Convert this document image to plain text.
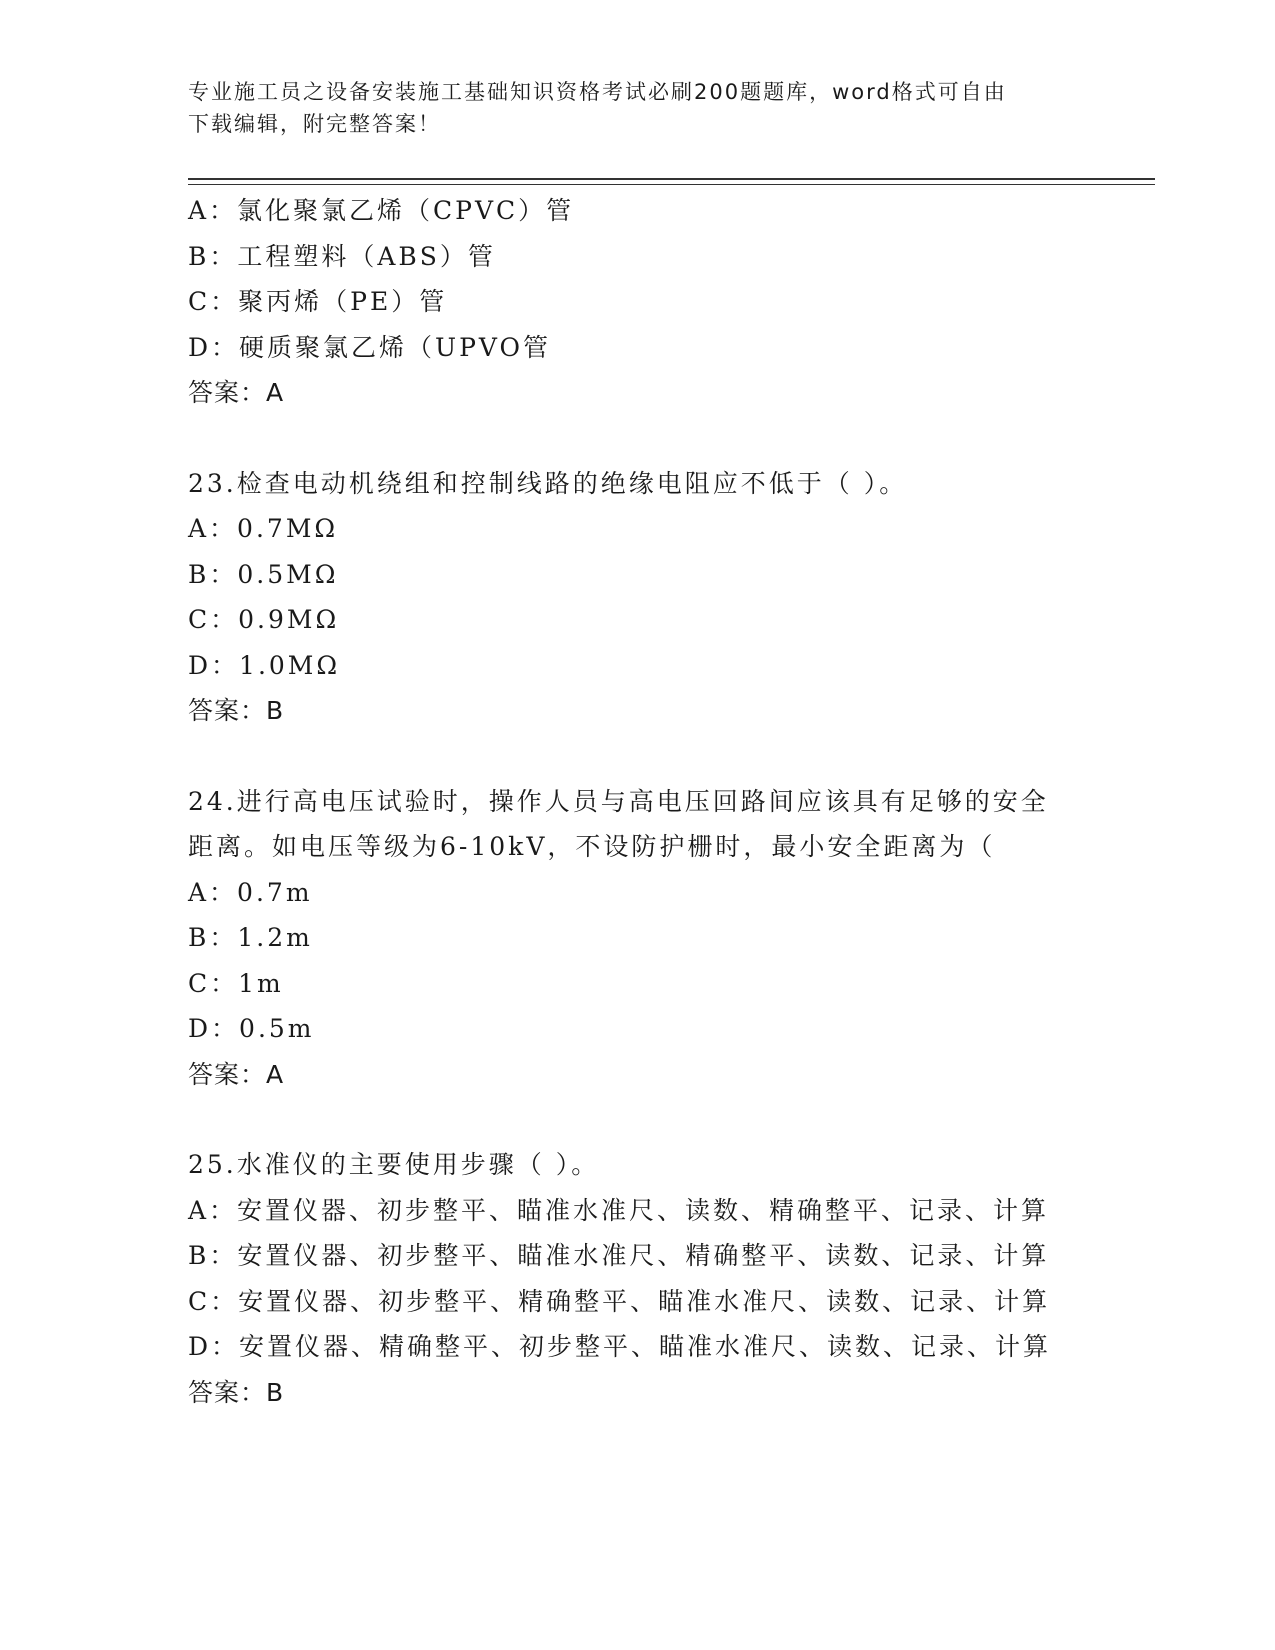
专业施工员之设备安装施工基础知识资格考试必刷200题题库，word格式可自由
下载编辑，附完整答案！
A：氯化聚氯乙烯（CPVC）管
B：工程塑料（ABS）管
C：聚丙烯（PE）管
D：硬质聚氯乙烯（UPVO管
答案：A
23.检查电动机绕组和控制线路的绝缘电阻应不低于（ ）。
A：0.7MΩ
B：0.5MΩ
C：0.9MΩ
D：1.0MΩ
答案：B
24.进行高电压试验时，操作人员与高电压回路间应该具有足够的安全
距离。如电压等级为6-10kV，不设防护栅时，最小安全距离为（
A：0.7m
B：1.2m
C：1m
D：0.5m
答案：A
25.水准仪的主要使用步骤（ ）。
A：安置仪器、初步整平、瞄准水准尺、读数、精确整平、记录、计算
B：安置仪器、初步整平、瞄准水准尺、精确整平、读数、记录、计算
C：安置仪器、初步整平、精确整平、瞄准水准尺、读数、记录、计算
D：安置仪器、精确整平、初步整平、瞄准水准尺、读数、记录、计算
答案：B
